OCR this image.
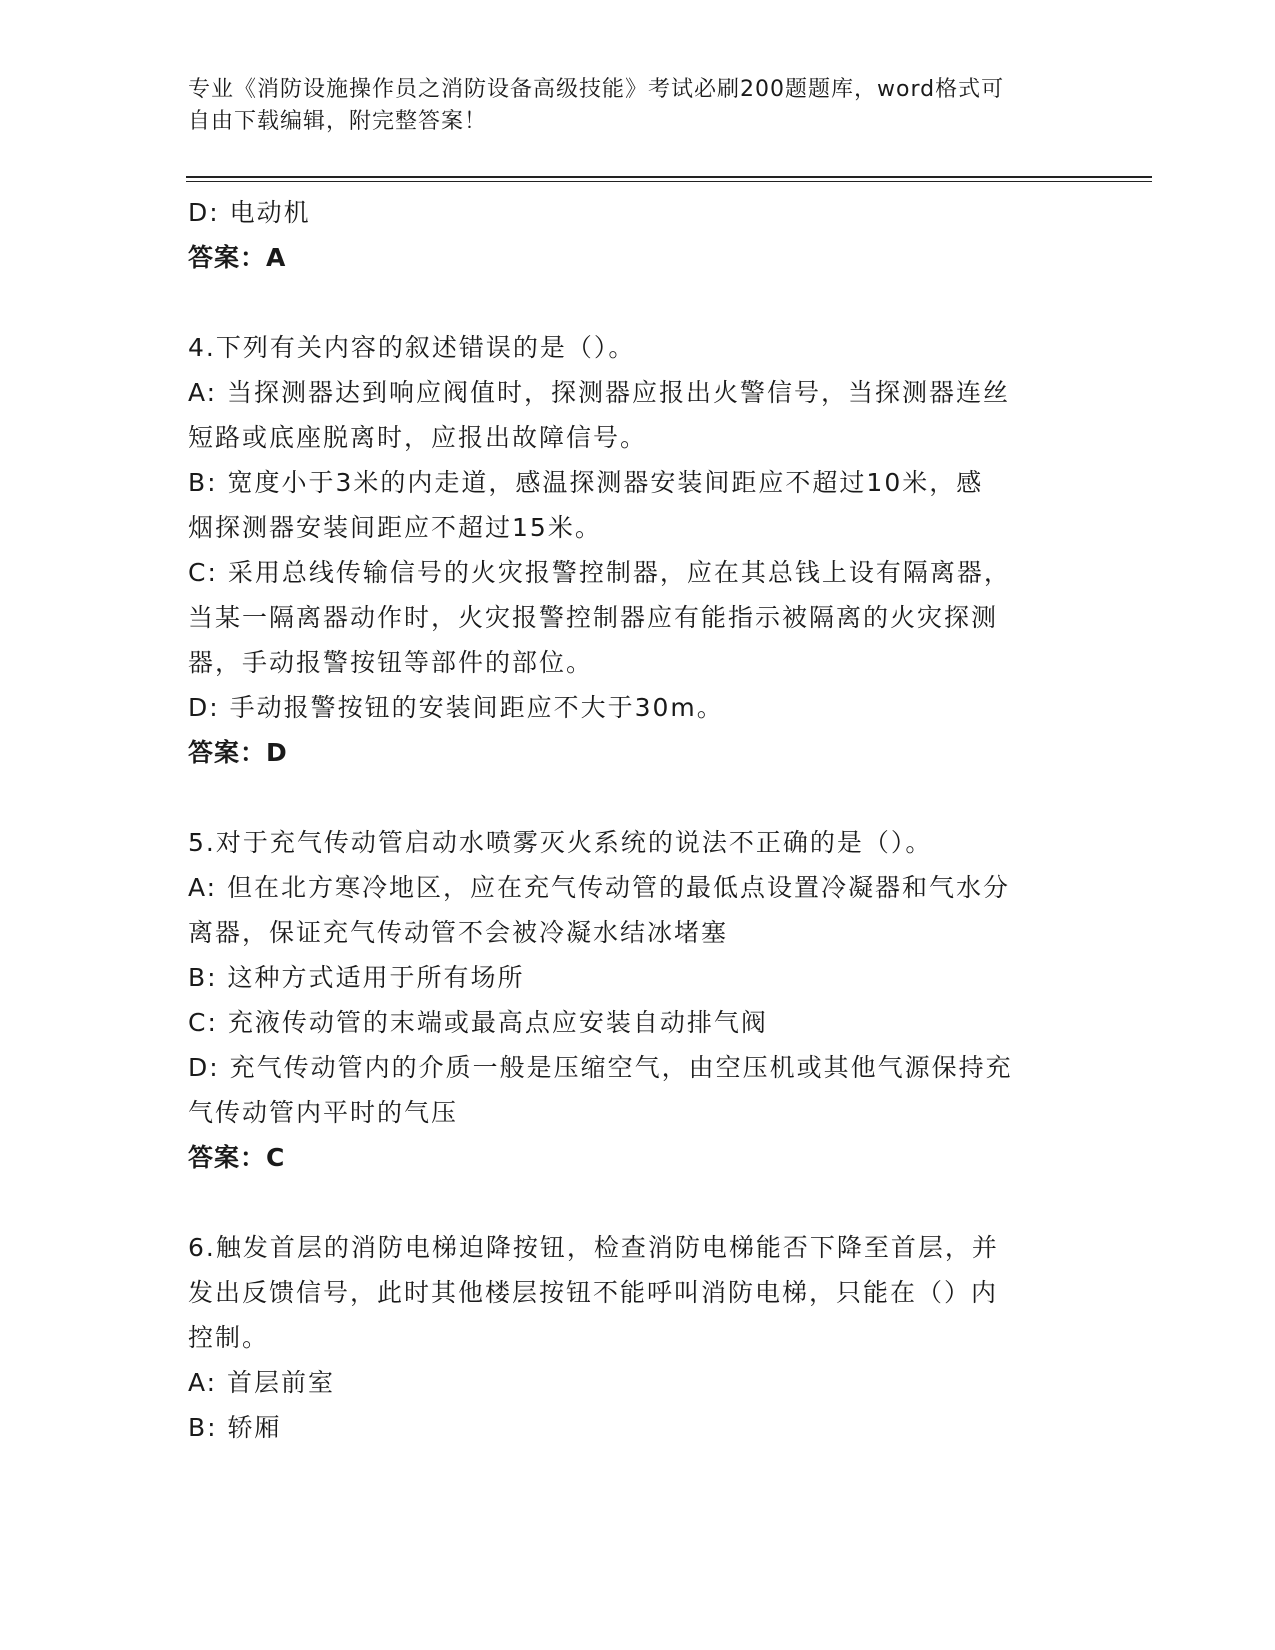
专业《消防设施操作员之消防设备高级技能》考试必刷200题题库，word格式可
自由下载编辑，附完整答案！
D: 电动机
答案：A
4.下列有关内容的叙述错误的是（）。
A: 当探测器达到响应阀值时，探测器应报出火警信号，当探测器连丝
短路或底座脱离时，应报出故障信号。
B: 宽度小于3米的内走道，感温探测器安装间距应不超过10米，感
烟探测器安装间距应不超过15米。
C: 采用总线传输信号的火灾报警控制器，应在其总钱上设有隔离器，
当某一隔离器动作时，火灾报警控制器应有能指示被隔离的火灾探测
器，手动报警按钮等部件的部位。
D: 手动报警按钮的安装间距应不大于30m。
答案：D
5.对于充气传动管启动水喷雾灭火系统的说法不正确的是（）。
A: 但在北方寒冷地区，应在充气传动管的最低点设置冷凝器和气水分
离器，保证充气传动管不会被冷凝水结冰堵塞
B: 这种方式适用于所有场所
C: 充液传动管的末端或最高点应安装自动排气阀
D: 充气传动管内的介质一般是压缩空气，由空压机或其他气源保持充
气传动管内平时的气压
答案：C
6.触发首层的消防电梯迫降按钮，检查消防电梯能否下降至首层，并
发出反馈信号，此时其他楼层按钮不能呼叫消防电梯，只能在（）内
控制。
A: 首层前室
B: 轿厢
